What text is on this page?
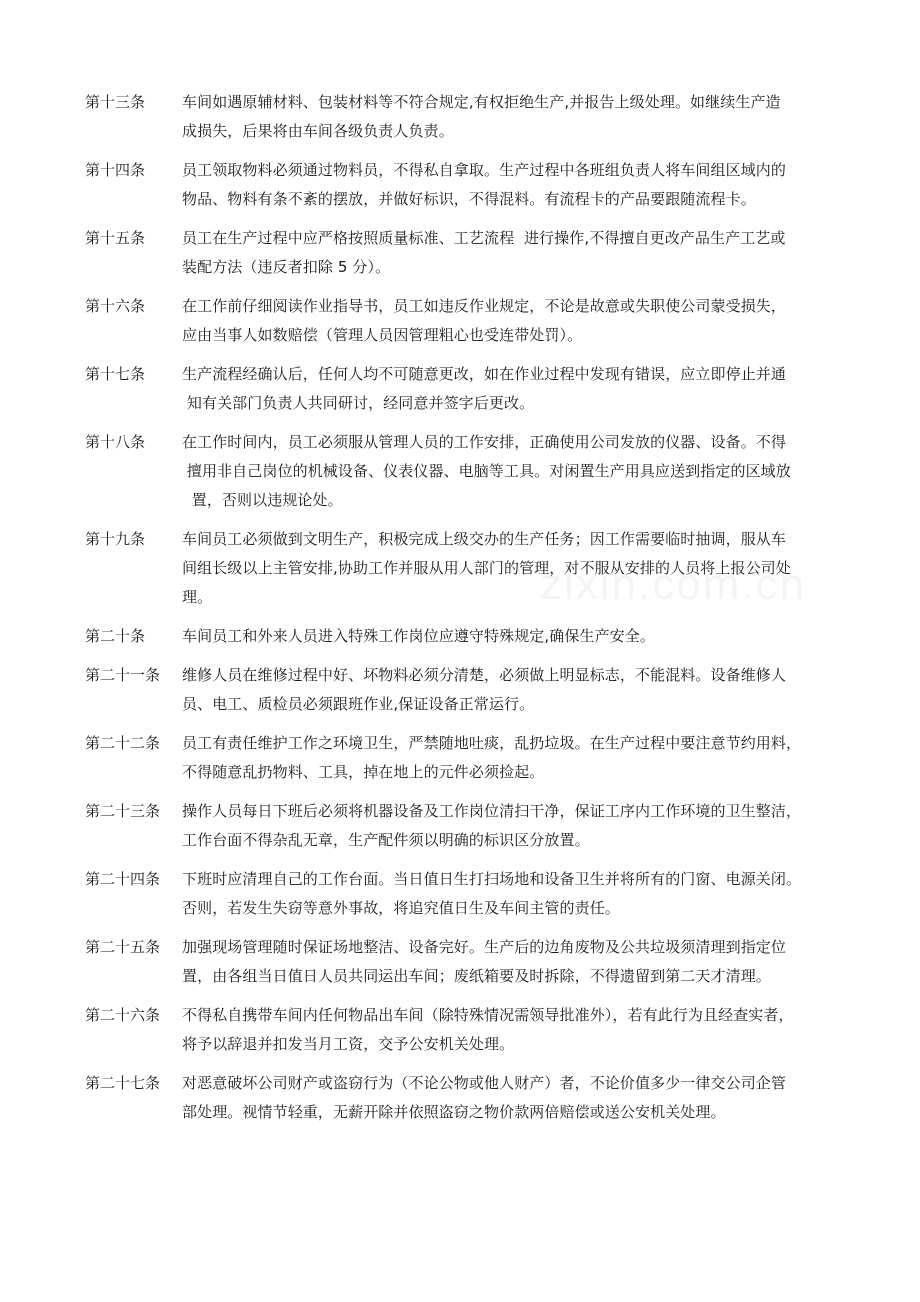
第十三条	车间如遇原辅材料、包装材料等不符合规定,有权拒绝生产,并报告上级处理。如继续生产造
成损失，后果将由车间各级负责人负责。
第十四条	员工领取物料必须通过物料员，不得私自拿取。生产过程中各班组负责人将车间组区域内的
物品、物料有条不紊的摆放，并做好标识，不得混料。有流程卡的产品要跟随流程卡。
第十五条	员工在生产过程中应严格按照质量标准、工艺流程  进行操作,不得擅自更改产品生产工艺或
装配方法（违反者扣除 5 分）。
第十六条	在工作前仔细阅读作业指导书，员工如违反作业规定，不论是故意或失职使公司蒙受损失，
应由当事人如数赔偿（管理人员因管理粗心也受连带处罚）。
第十七条	生产流程经确认后，任何人均不可随意更改，如在作业过程中发现有错误，应立即停止并通
知有关部门负责人共同研讨，经同意并签字后更改。
第十八条	在工作时间内，员工必须服从管理人员的工作安排，正确使用公司发放的仪器、设备。不得
擅用非自己岗位的机械设备、仪表仪器、电脑等工具。对闲置生产用具应送到指定的区域放
置，否则以违规论处。
第十九条	车间员工必须做到文明生产，积极完成上级交办的生产任务；因工作需要临时抽调，服从车
间组长级以上主管安排,协助工作并服从用人部门的管理，对不服从安排的人员将上报公司处
理。
第二十条	车间员工和外来人员进入特殊工作岗位应遵守特殊规定,确保生产安全。
第二十一条	维修人员在维修过程中好、坏物料必须分清楚，必须做上明显标志，不能混料。设备维修人
员、电工、质检员必须跟班作业,保证设备正常运行。
第二十二条	员工有责任维护工作之环境卫生，严禁随地吐痰，乱扔垃圾。在生产过程中要注意节约用料，
不得随意乱扔物料、工具，掉在地上的元件必须捡起。
第二十三条	操作人员每日下班后必须将机器设备及工作岗位清扫干净，保证工序内工作环境的卫生整洁，
工作台面不得杂乱无章，生产配件须以明确的标识区分放置。
第二十四条	下班时应清理自己的工作台面。当日值日生打扫场地和设备卫生并将所有的门窗、电源关闭。
否则，若发生失窃等意外事故，将追究值日生及车间主管的责任。
第二十五条	加强现场管理随时保证场地整洁、设备完好。生产后的边角废物及公共垃圾须清理到指定位
置，由各组当日值日人员共同运出车间；废纸箱要及时拆除，不得遗留到第二天才清理。
第二十六条	不得私自携带车间内任何物品出车间（除特殊情况需领导批准外），若有此行为且经查实者，
将予以辞退并扣发当月工资，交予公安机关处理。
第二十七条	对恶意破坏公司财产或盗窃行为（不论公物或他人财产）者，不论价值多少一律交公司企管
部处理。视情节轻重，无薪开除并依照盗窃之物价款两倍赔偿或送公安机关处理。
